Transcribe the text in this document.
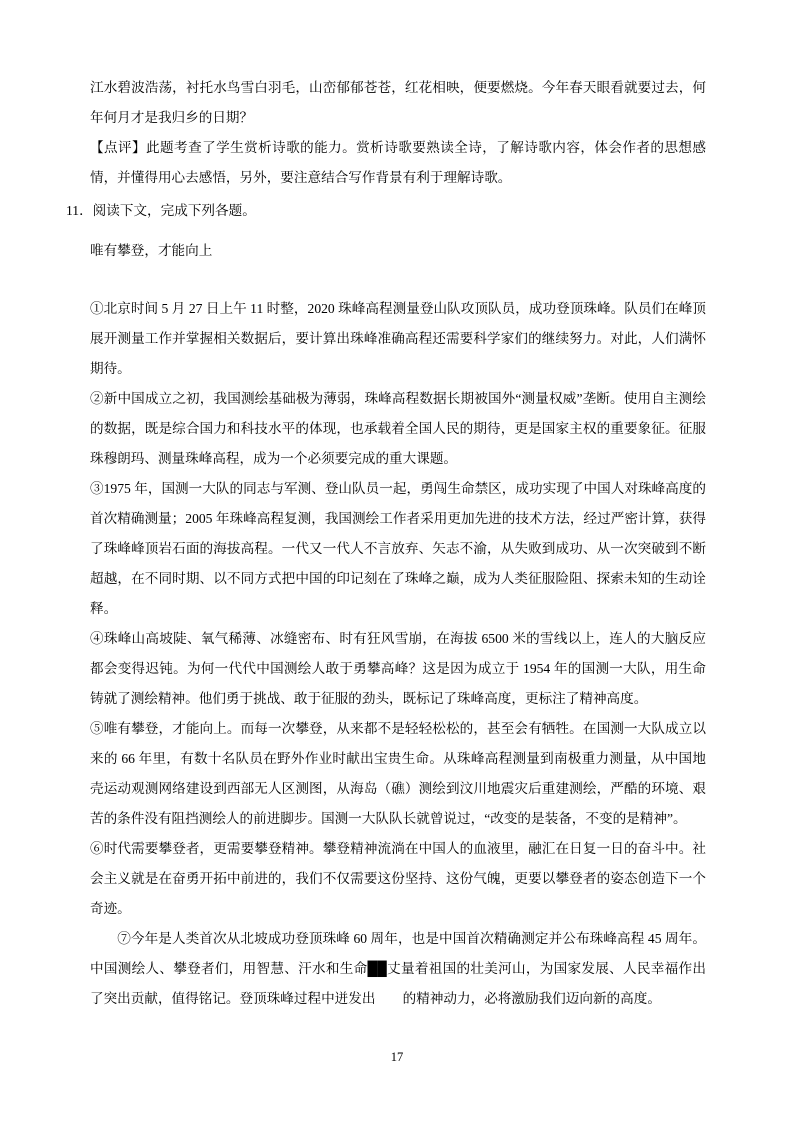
江水碧波浩荡，衬托水鸟雪白羽毛，山峦郁郁苍苍，红花相映，便要燃烧。今年春天眼看就要过去，何年何月才是我归乡的日期？

【点评】此题考查了学生赏析诗歌的能力。赏析诗歌要熟读全诗，了解诗歌内容，体会作者的思想感情，并懂得用心去感悟，另外，要注意结合写作背景有利于理解诗歌。

11．阅读下文，完成下列各题。

唯有攀登，才能向上

①北京时间 5 月 27 日上午 11 时整，2020 珠峰高程测量登山队攻顶队员，成功登顶珠峰。队员们在峰顶展开测量工作并掌握相关数据后，要计算出珠峰准确高程还需要科学家们的继续努力。对此，人们满怀期待。

②新中国成立之初，我国测绘基础极为薄弱，珠峰高程数据长期被国外“测量权威”垄断。使用自主测绘的数据，既是综合国力和科技水平的体现，也承载着全国人民的期待，更是国家主权的重要象征。征服珠穆朗玛、测量珠峰高程，成为一个必须要完成的重大课题。

③1975 年，国测一大队的同志与军测、登山队员一起，勇闯生命禁区，成功实现了中国人对珠峰高度的首次精确测量；2005 年珠峰高程复测，我国测绘工作者采用更加先进的技术方法，经过严密计算，获得了珠峰峰顶岩石面的海拔高程。一代又一代人不言放弃、矢志不渝，从失败到成功、从一次突破到不断超越，在不同时期、以不同方式把中国的印记刻在了珠峰之巅，成为人类征服险阻、探索未知的生动诠释。

④珠峰山高坡陡、氧气稀薄、冰缝密布、时有狂风雪崩，在海拔 6500 米的雪线以上，连人的大脑反应都会变得迟钝。为何一代代中国测绘人敢于勇攀高峰？这是因为成立于 1954 年的国测一大队，用生命铸就了测绘精神。他们勇于挑战、敢于征服的劲头，既标记了珠峰高度，更标注了精神高度。

⑤唯有攀登，才能向上。而每一次攀登，从来都不是轻轻松松的，甚至会有牺牲。在国测一大队成立以来的 66 年里，有数十名队员在野外作业时献出宝贵生命。从珠峰高程测量到南极重力测量，从中国地壳运动观测网络建设到西部无人区测图，从海岛（礁）测绘到汶川地震灾后重建测绘，严酷的环境、艰苦的条件没有阻挡测绘人的前进脚步。国测一大队队长就曾说过，“改变的是装备，不变的是精神”。

⑥时代需要攀登者，更需要攀登精神。攀登精神流淌在中国人的血液里，融汇在日复一日的奋斗中。社会主义就是在奋勇开拓中前进的，我们不仅需要这份坚持、这份气魄，更要以攀登者的姿态创造下一个奇迹。

⑦今年是人类首次从北坡成功登顶珠峰 60 周年，也是中国首次精确测定并公布珠峰高程 45 周年。中国测绘人、攀登者们，用智慧、汗水和生命██丈量着祖国的壮美河山，为国家发展、人民幸福作出了突出贡献，值得铭记。登顶珠峰过程中迸发出　　的精神动力，必将激励我们迈向新的高度。

17
